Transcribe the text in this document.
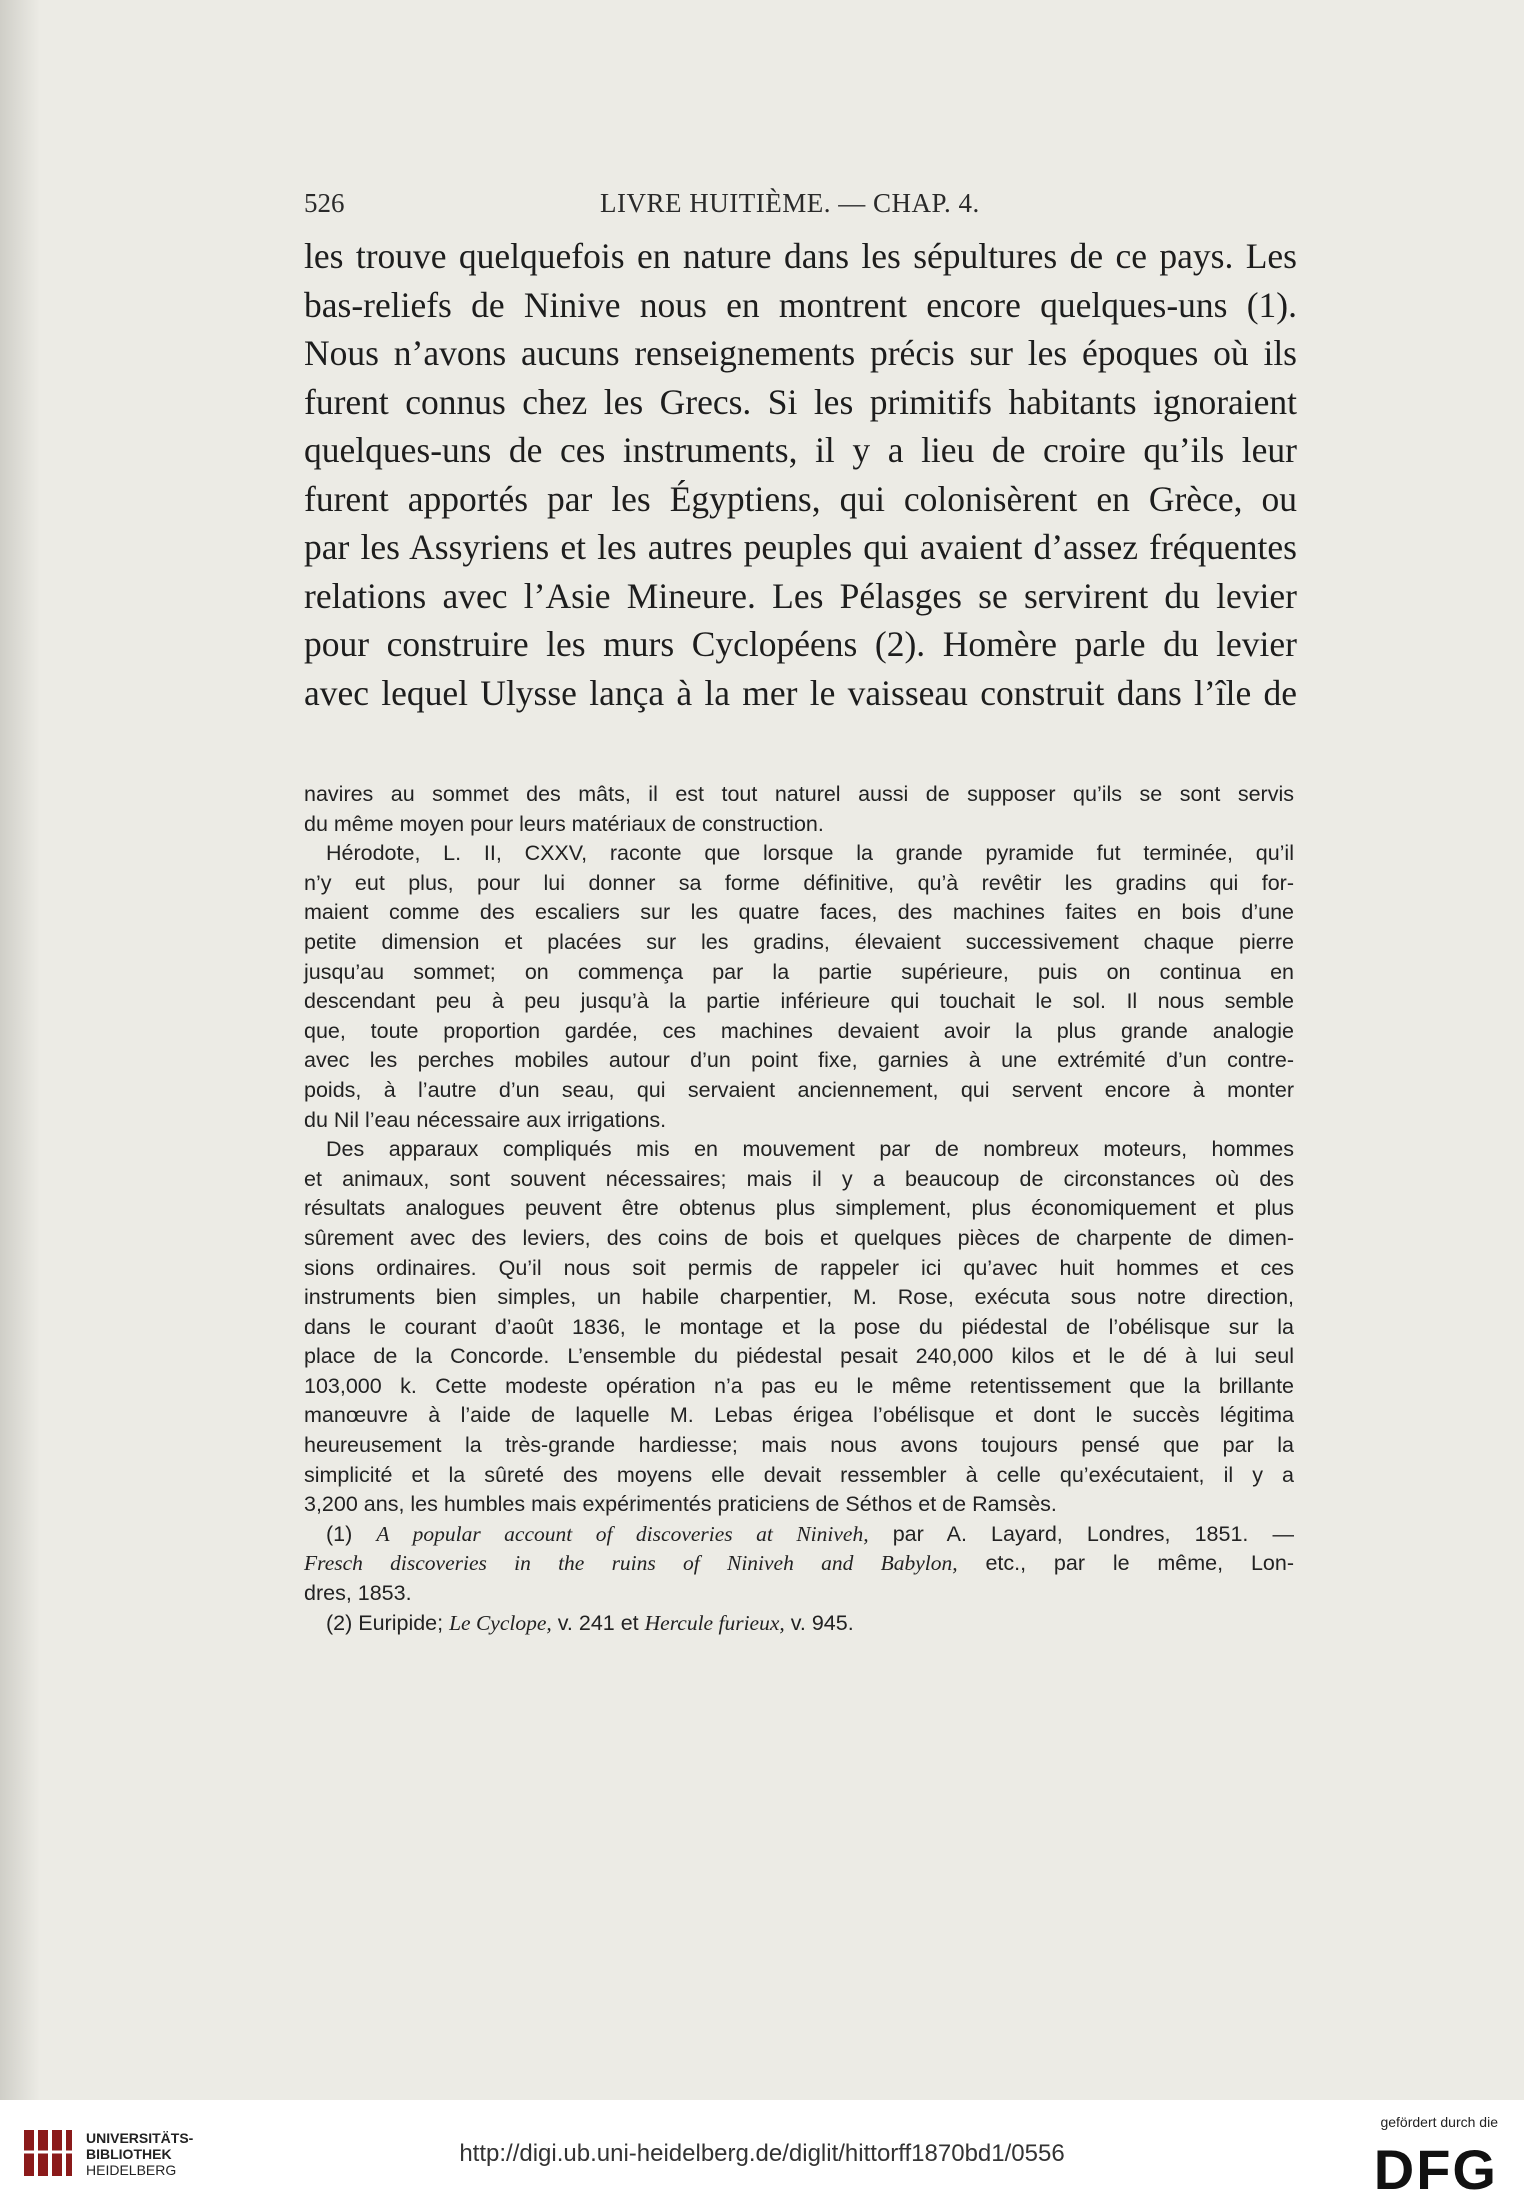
526	LIVRE HUITIÈME. — CHAP. 4.
les trouve quelquefois en nature dans les sépultures de ce pays. Les
bas-reliefs de Ninive nous en montrent encore quelques-uns (1).
Nous n’avons aucuns renseignements précis sur les époques où ils
furent connus chez les Grecs. Si les primitifs habitants ignoraient
quelques-uns de ces instruments, il y a lieu de croire qu’ils leur
furent apportés par les Égyptiens, qui colonisèrent en Grèce, ou
par les Assyriens et les autres peuples qui avaient d’assez fréquentes
relations avec l’Asie Mineure. Les Pélasges se servirent du levier
pour construire les murs Cyclopéens (2). Homère parle du levier
avec lequel Ulysse lança à la mer le vaisseau construit dans l’île de
navires au sommet des mâts, il est tout naturel aussi de supposer qu’ils se sont servis
du même moyen pour leurs matériaux de construction.
Hérodote, L. II, CXXV, raconte que lorsque la grande pyramide fut terminée, qu’il
n’y eut plus, pour lui donner sa forme définitive, qu’à revêtir les gradins qui for-
maient comme des escaliers sur les quatre faces, des machines faites en bois d’une
petite dimension et placées sur les gradins, élevaient successivement chaque pierre
jusqu’au sommet; on commença par la partie supérieure, puis on continua en
descendant peu à peu jusqu’à la partie inférieure qui touchait le sol. Il nous semble
que, toute proportion gardée, ces machines devaient avoir la plus grande analogie
avec les perches mobiles autour d’un point fixe, garnies à une extrémité d’un contre-
poids, à l’autre d’un seau, qui servaient anciennement, qui servent encore à monter
du Nil l’eau nécessaire aux irrigations.
Des apparaux compliqués mis en mouvement par de nombreux moteurs, hommes
et animaux, sont souvent nécessaires; mais il y a beaucoup de circonstances où des
résultats analogues peuvent être obtenus plus simplement, plus économiquement et plus
sûrement avec des leviers, des coins de bois et quelques pièces de charpente de dimen-
sions ordinaires. Qu’il nous soit permis de rappeler ici qu’avec huit hommes et ces
instruments bien simples, un habile charpentier, M. Rose, exécuta sous notre direction,
dans le courant d’août 1836, le montage et la pose du piédestal de l’obélisque sur la
place de la Concorde. L’ensemble du piédestal pesait 240,000 kilos et le dé à lui seul
103,000 k. Cette modeste opération n’a pas eu le même retentissement que la brillante
manœuvre à l’aide de laquelle M. Lebas érigea l’obélisque et dont le succès légitima
heureusement la très-grande hardiesse; mais nous avons toujours pensé que par la
simplicité et la sûreté des moyens elle devait ressembler à celle qu’exécutaient, il y a
3,200 ans, les humbles mais expérimentés praticiens de Séthos et de Ramsès.
(1) A popular account of discoveries at Niniveh, par A. Layard, Londres, 1851. —
Fresch discoveries in the ruins of Niniveh and Babylon, etc., par le même, Lon-
dres, 1853.
(2) Euripide; Le Cyclope, v. 241 et Hercule furieux, v. 945.
UNIVERSITÄTS-
BIBLIOTHEK
HEIDELBERG
http://digi.ub.uni-heidelberg.de/diglit/hittorff1870bd1/0556
gefördert durch die
DFG
